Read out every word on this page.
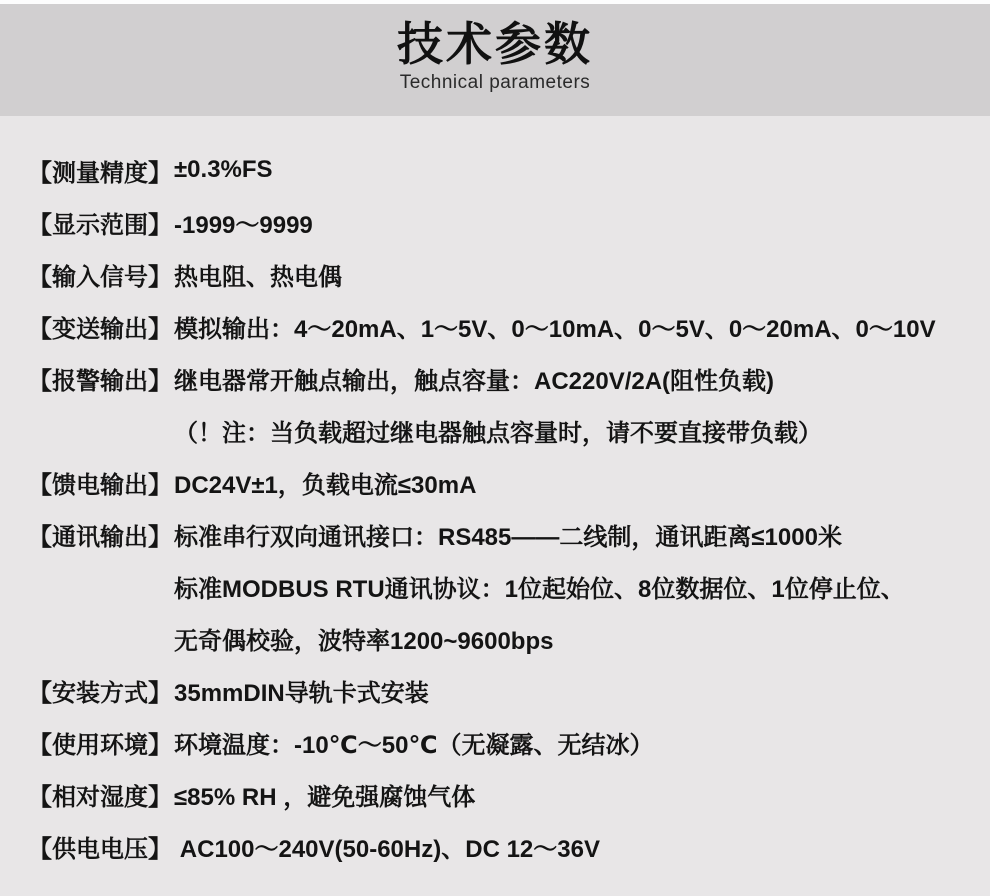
技术参数
Technical parameters
【测量精度】 ±0.3%FS
【显示范围】 -1999～9999
【输入信号】 热电阻、热电偶
【变送输出】 模拟输出：4～20mA、1～5V、0～10mA、0～5V、0～20mA、0～10V
【报警输出】 继电器常开触点输出，触点容量：AC220V/2A(阻性负载)
（！注：当负载超过继电器触点容量时，请不要直接带负载）
【馈电输出】 DC24V±1，负载电流≤30mA
【通讯输出】 标准串行双向通讯接口：RS485——二线制，通讯距离≤1000米
标准MODBUS RTU通讯协议：1位起始位、8位数据位、1位停止位、
无奇偶校验，波特率1200~9600bps
【安装方式】 35mmDIN导轨卡式安装
【使用环境】 环境温度：-10℃～50℃（无凝露、无结冰）
【相对湿度】 ≤85% RH ，避免强腐蚀气体
【供电电压】 AC100～240V(50-60Hz)、DC 12～36V
